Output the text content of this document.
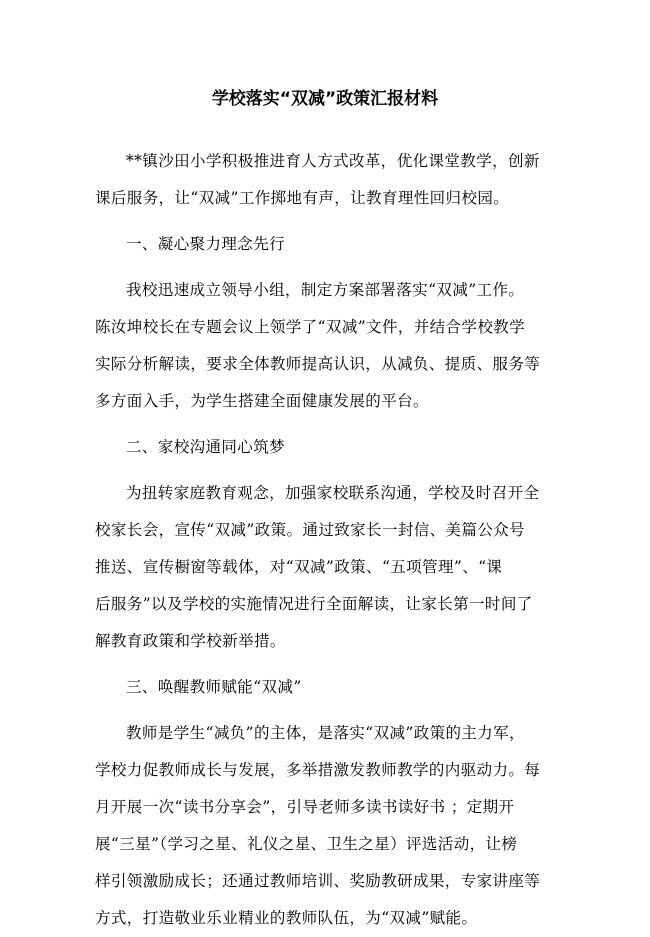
学校落实“双减”政策汇报材料
**镇沙田小学积极推进育人方式改革，优化课堂教学，创新
课后服务，让“双减”工作掷地有声，让教育理性回归校园。
一、凝心聚力理念先行
我校迅速成立领导小组，制定方案部署落实“双减”工作。
陈汝坤校长在专题会议上领学了“双减”文件，并结合学校教学
实际分析解读，要求全体教师提高认识，从减负、提质、服务等
多方面入手，为学生搭建全面健康发展的平台。
二、家校沟通同心筑梦
为扭转家庭教育观念，加强家校联系沟通，学校及时召开全
校家长会，宣传“双减”政策。通过致家长一封信、美篇公众号
推送、宣传橱窗等载体，对“双减”政策、“五项管理”、“课
后服务”以及学校的实施情况进行全面解读，让家长第一时间了
解教育政策和学校新举措。
三、唤醒教师赋能“双减”
教师是学生“减负”的主体，是落实“双减”政策的主力军，
学校力促教师成长与发展，多举措激发教师教学的内驱动力。每
月开展一次“读书分享会”，引导老师多读书读好书 ；定期开
展“三星”（学习之星、礼仪之星、卫生之星）评选活动，让榜
样引领激励成长；还通过教师培训、奖励教研成果，专家讲座等
方式，打造敬业乐业精业的教师队伍，为“双减”赋能。
